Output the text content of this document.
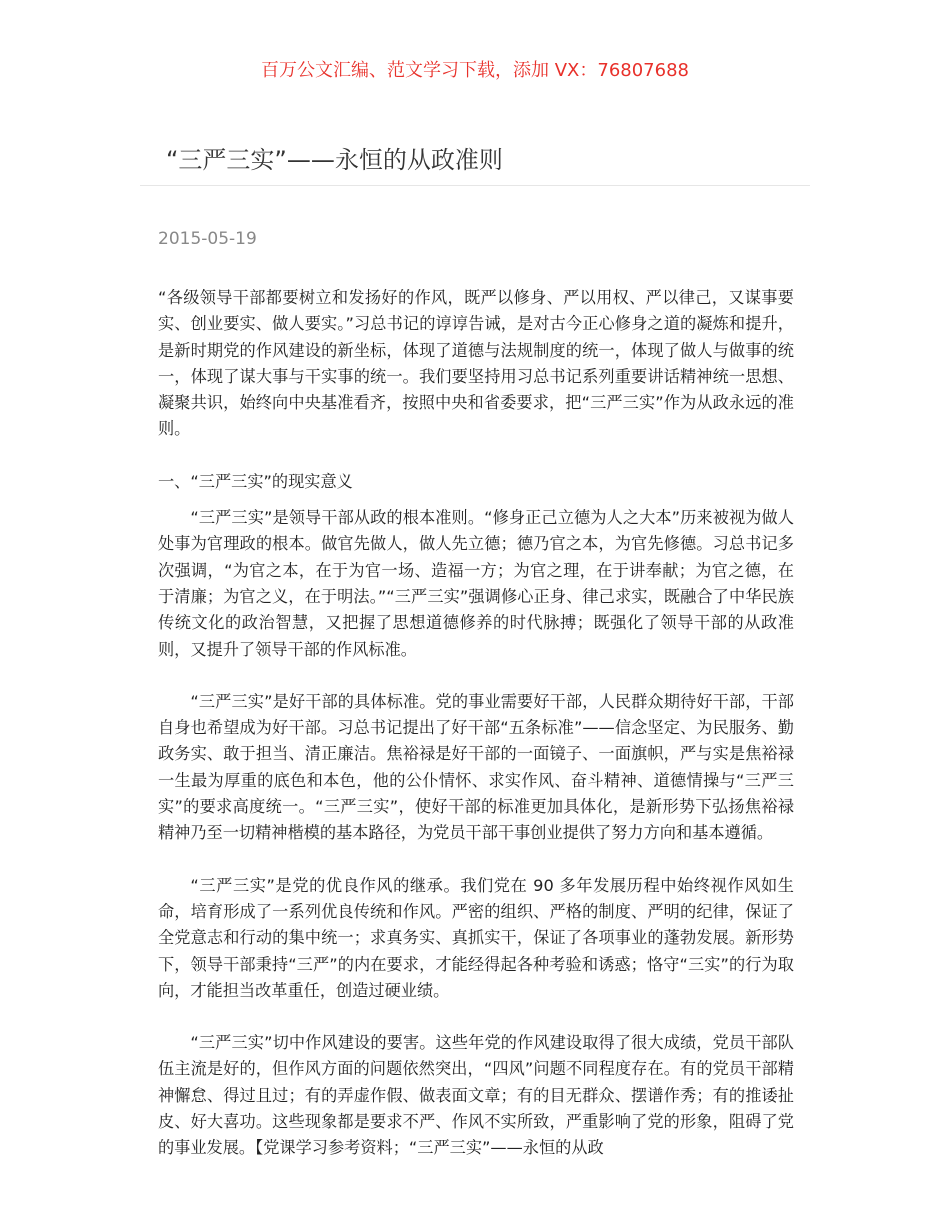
百万公文汇编、范文学习下载，添加 VX：76807688
“三严三实”——永恒的从政准则
2015-05-19

“各级领导干部都要树立和发扬好的作风，既严以修身、严以用权、严以律己，又谋事要实、创业要实、做人要实。”习总书记的谆谆告诫，是对古今正心修身之道的凝炼和提升，是新时期党的作风建设的新坐标，体现了道德与法规制度的统一，体现了做人与做事的统一，体现了谋大事与干实事的统一。我们要坚持用习总书记系列重要讲话精神统一思想、凝聚共识，始终向中央基准看齐，按照中央和省委要求，把“三严三实”作为从政永远的准则。

一、“三严三实”的现实意义

“三严三实”是领导干部从政的根本准则。“修身正己立德为人之大本”历来被视为做人处事为官理政的根本。做官先做人，做人先立德；德乃官之本，为官先修德。习总书记多次强调，“为官之本，在于为官一场、造福一方；为官之理，在于讲奉献；为官之德，在于清廉；为官之义，在于明法。”“三严三实”强调修心正身、律己求实，既融合了中华民族传统文化的政治智慧，又把握了思想道德修养的时代脉搏；既强化了领导干部的从政准则，又提升了领导干部的作风标准。

“三严三实”是好干部的具体标准。党的事业需要好干部，人民群众期待好干部，干部自身也希望成为好干部。习总书记提出了好干部“五条标准”——信念坚定、为民服务、勤政务实、敢于担当、清正廉洁。焦裕禄是好干部的一面镜子、一面旗帜，严与实是焦裕禄一生最为厚重的底色和本色，他的公仆情怀、求实作风、奋斗精神、道德情操与“三严三实”的要求高度统一。“三严三实”，使好干部的标准更加具体化，是新形势下弘扬焦裕禄精神乃至一切精神楷模的基本路径，为党员干部干事创业提供了努力方向和基本遵循。

“三严三实”是党的优良作风的继承。我们党在 90 多年发展历程中始终视作风如生命，培育形成了一系列优良传统和作风。严密的组织、严格的制度、严明的纪律，保证了全党意志和行动的集中统一；求真务实、真抓实干，保证了各项事业的蓬勃发展。新形势下，领导干部秉持“三严”的内在要求，才能经得起各种考验和诱惑；恪守“三实”的行为取向，才能担当改革重任，创造过硬业绩。

“三严三实”切中作风建设的要害。这些年党的作风建设取得了很大成绩，党员干部队伍主流是好的，但作风方面的问题依然突出，“四风”问题不同程度存在。有的党员干部精神懈怠、得过且过；有的弄虚作假、做表面文章；有的目无群众、摆谱作秀；有的推诿扯皮、好大喜功。这些现象都是要求不严、作风不实所致，严重影响了党的形象，阻碍了党的事业发展。【党课学习参考资料；“三严三实”——永恒的从政
